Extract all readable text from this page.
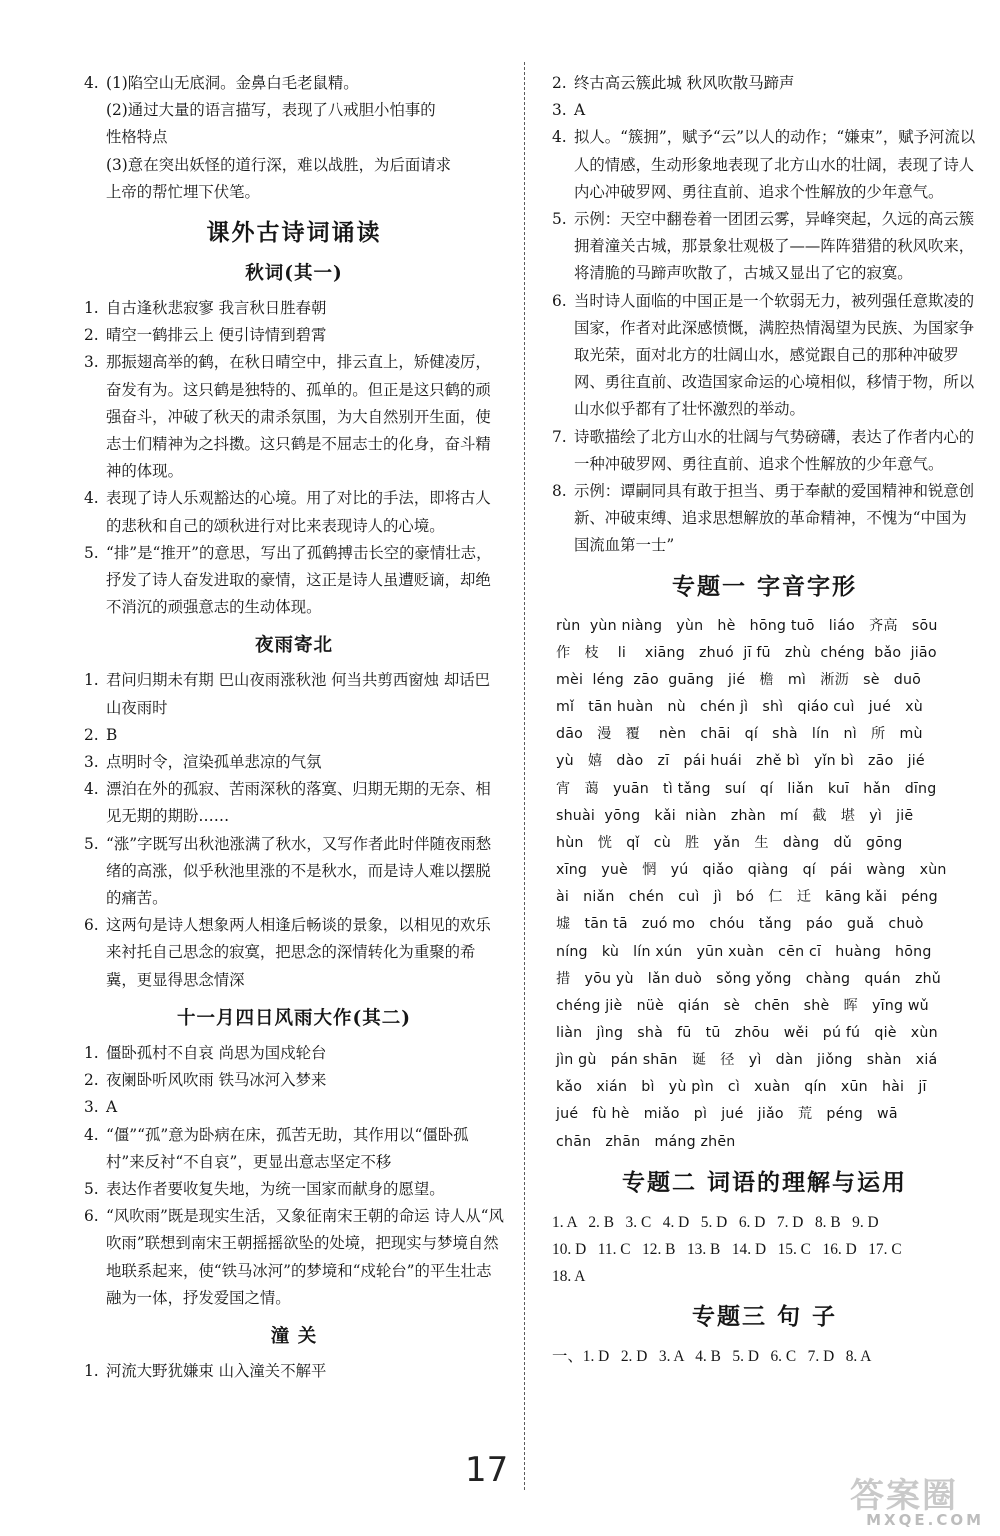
4. (1)陷空山无底洞。金鼻白毛老鼠精。
(2)通过大量的语言描写，表现了八戒胆小怕事的
性格特点
(3)意在突出妖怪的道行深，难以战胜，为后面请求
上帝的帮忙埋下伏笔。
课外古诗词诵读
秋词(其一)
1. 自古逢秋悲寂寥 我言秋日胜春朝
2. 晴空一鹤排云上 便引诗情到碧霄
3. 那振翅高举的鹤，在秋日晴空中，排云直上，矫健凌厉，奋发有为。这只鹤是独特的、孤单的。但正是这只鹤的顽强奋斗，冲破了秋天的肃杀氛围，为大自然别开生面，使志士们精神为之抖擞。这只鹤是不屈志士的化身，奋斗精神的体现。
4. 表现了诗人乐观豁达的心境。用了对比的手法，即将古人的悲秋和自己的颂秋进行对比来表现诗人的心境。
5. “排”是“推开”的意思，写出了孤鹤搏击长空的豪情壮志，抒发了诗人奋发进取的豪情，这正是诗人虽遭贬谪，却绝不消沉的顽强意志的生动体现。
夜雨寄北
1. 君问归期未有期 巴山夜雨涨秋池 何当共剪西窗烛 却话巴山夜雨时
2. B
3. 点明时令，渲染孤单悲凉的气氛
4. 漂泊在外的孤寂、苦雨深秋的落寞、归期无期的无奈、相见无期的期盼……
5. “涨”字既写出秋池涨满了秋水，又写作者此时伴随夜雨愁绪的高涨，似乎秋池里涨的不是秋水，而是诗人难以摆脱的痛苦。
6. 这两句是诗人想象两人相逢后畅谈的景象，以相见的欢乐来衬托自己思念的寂寞，把思念的深情转化为重聚的希冀，更显得思念情深
十一月四日风雨大作(其二)
1. 僵卧孤村不自哀 尚思为国戍轮台
2. 夜阑卧听风吹雨 铁马冰河入梦来
3. A
4. “僵”“孤”意为卧病在床，孤苦无助，其作用以“僵卧孤村”来反衬“不自哀”，更显出意志坚定不移
5. 表达作者要收复失地，为统一国家而献身的愿望。
6. “风吹雨”既是现实生活，又象征南宋王朝的命运 诗人从“风吹雨”联想到南宋王朝摇摇欲坠的处境，把现实与梦境自然地联系起来，使“铁马冰河”的梦境和“戍轮台”的平生壮志融为一体，抒发爱国之情。
潼 关
1. 河流大野犹嫌束 山入潼关不解平
2. 终古高云簇此城 秋风吹散马蹄声
3. A
4. 拟人。“簇拥”，赋予“云”以人的动作；“嫌束”，赋予河流以人的情感，生动形象地表现了北方山水的壮阔，表现了诗人内心冲破罗网、勇往直前、追求个性解放的少年意气。
5. 示例：天空中翻卷着一团团云雾，异峰突起，久远的高云簇拥着潼关古城，那景象壮观极了——阵阵猎猎的秋风吹来，将清脆的马蹄声吹散了，古城又显出了它的寂寞。
6. 当时诗人面临的中国正是一个软弱无力，被列强任意欺凌的国家，作者对此深感愤慨，满腔热情渴望为民族、为国家争取光荣，面对北方的壮阔山水，感觉跟自己的那种冲破罗网、勇往直前、改造国家命运的心境相似，移情于物，所以山水似乎都有了壮怀激烈的举动。
7. 诗歌描绘了北方山水的壮阔与气势磅礴，表达了作者内心的一种冲破罗网、勇往直前、追求个性解放的少年意气。
8. 示例：谭嗣同具有敢于担当、勇于奉献的爱国精神和锐意创新、冲破束缚、追求思想解放的革命精神，不愧为“中国为国流血第一士”
专题一 字音字形
rùn  yùn niàng   yùn   hè   hōng tuō   liáo   齐高   sōu
作   枝    li    xiāng   zhuó  jī fū   zhù  chéng  bǎo  jiāo
mèi  léng  zāo  guāng   jié   檐   mì   淅沥   sè   duō
mǐ   tān huàn   nù   chén jì   shì   qiáo cuì   jué   xù
dāo   漫   覆    nèn   chāi   qí   shà   lín   nì   所   mù
yù   嬉   dào   zī   pái huái   zhě bì   yǐn bì   zāo   jié
宵   蔼   yuān   tì tǎng   suí   qí   liǎn   kuī   hǎn   dīng
shuài  yōng   kǎi  niàn   zhàn   mí   截   堪   yì   jiē
hùn   恍   qǐ   cù   胜   yǎn   生   dàng   dǔ   gōng
xīng   yuè   惘   yú   qiǎo   qiàng   qí   pái   wàng   xùn
ài   niǎn   chén   cuì   jì   bó   仁   迁   kāng kǎi   péng
墟   tān tā   zuó mo   chóu   tǎng   páo   guǎ   chuò
níng   kù   lín xún   yūn xuàn   cēn cī   huàng   hōng
措   yōu yù   lǎn duò   sǒng yǒng   chàng   quán   zhǔ
chéng jiè   nüè   qián   sè   chēn   shè   晖   yīng wǔ
liàn   jìng   shà   fū   tū   zhōu   wěi   pú fú   qiè   xùn
jìn gù   pán shān   诞   径   yì   dàn   jiǒng   shàn   xiá
kǎo   xián   bì   yù pìn   cì   xuàn   qín   xūn   hài   jī
jué   fù hè   miǎo   pì   jué   jiǎo   荒   péng   wā
chān   zhān   máng zhēn
专题二 词语的理解与运用
1. A   2. B   3. C   4. D   5. D   6. D   7. D   8. B   9. D
10. D   11. C   12. B   13. B   14. D   15. C   16. D   17. C
18. A
专题三 句 子
一、1. D   2. D   3. A   4. B   5. D   6. C   7. D   8. A
17
答案圈
MXQE.COM
